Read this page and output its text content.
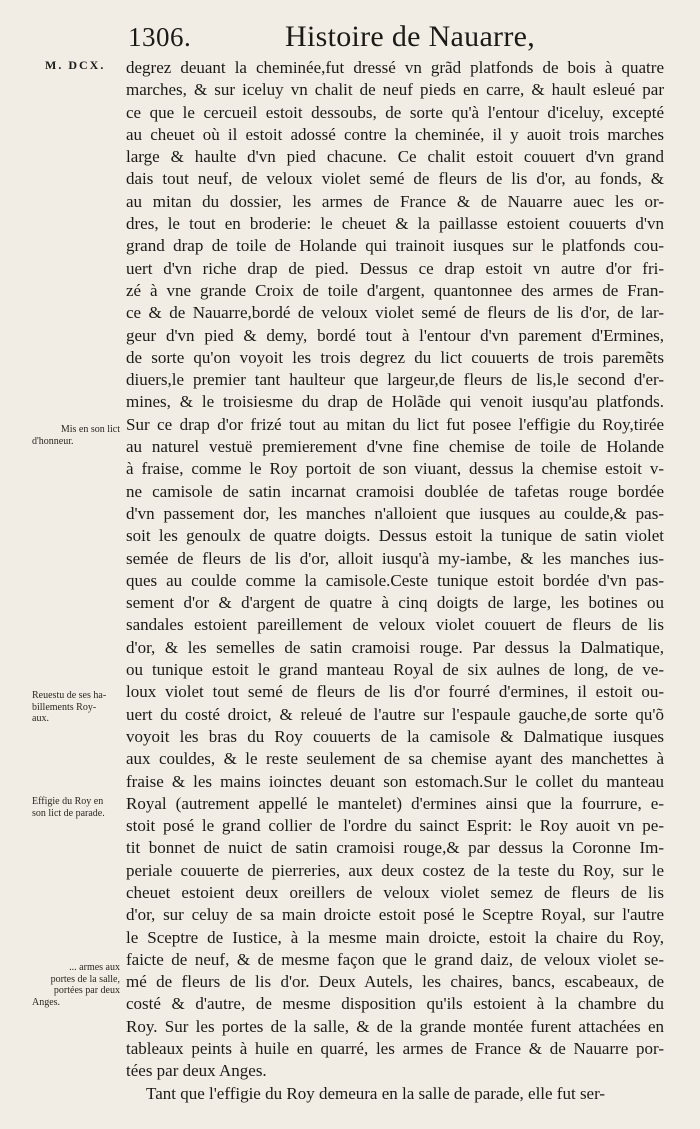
1306.	Histoire de Nauarre,
M. DCX.
Mis en son lict
d'honneur.
Reuestu de ses ha-
billements Roy-
aux.
Effigie du Roy en
son lict de parade.
... armes aux
portes de la salle,
portées par deux
Anges.
degrez deuant la cheminée,fut dressé vn grãd platfonds de bois à quatre
marches, & sur iceluy vn chalit de neuf pieds en carre, & hault esleué par
ce que le cercueil estoit dessoubs, de sorte qu'à l'entour d'iceluy, excepté
au cheuet où il estoit adossé contre la cheminée, il y auoit trois marches
large & haulte d'vn pied chacune. Ce chalit estoit couuert d'vn grand
dais tout neuf, de veloux violet semé de fleurs de lis d'or, au fonds, &
au mitan du dossier, les armes de France & de Nauarre auec les or-
dres, le tout en broderie: le cheuet & la paillasse estoient couuerts d'vn
grand drap de toile de Holande qui trainoit iusques sur le platfonds cou-
uert d'vn riche drap de pied. Dessus ce drap estoit vn autre d'or fri-
zé à vne grande Croix de toile d'argent, quantonnee des armes de Fran-
ce & de Nauarre,bordé de veloux violet semé de fleurs de lis d'or, de lar-
geur d'vn pied & demy, bordé tout à l'entour d'vn parement d'Ermines,
de sorte qu'on voyoit les trois degrez du lict couuerts de trois paremẽts
diuers,le premier tant haulteur que largeur,de fleurs de lis,le second d'er-
mines, & le troisiesme du drap de Holãde qui venoit iusqu'au platfonds.
Sur ce drap d'or frizé tout au mitan du lict fut posee l'effigie du Roy,tirée
au naturel vestuë premierement d'vne fine chemise de toile de Holande
à fraise, comme le Roy portoit de son viuant, dessus la chemise estoit v-
ne camisole de satin incarnat cramoisi doublée de tafetas rouge bordée
d'vn passement dor, les manches n'alloient que iusques au coulde,& pas-
soit les genoulx de quatre doigts. Dessus estoit la tunique de satin violet
semée de fleurs de lis d'or, alloit iusqu'à my-iambe, & les manches ius-
ques au coulde comme la camisole.Ceste tunique estoit bordée d'vn pas-
sement d'or & d'argent de quatre à cinq doigts de large, les botines ou
sandales estoient pareillement de veloux violet couuert de fleurs de lis
d'or, & les semelles de satin cramoisi rouge. Par dessus la Dalmatique,
ou tunique estoit le grand manteau Royal de six aulnes de long, de ve-
loux violet tout semé de fleurs de lis d'or fourré d'ermines, il estoit ou-
uert du costé droict, & releué de l'autre sur l'espaule gauche,de sorte qu'õ
voyoit les bras du Roy couuerts de la camisole & Dalmatique iusques
aux couldes, & le reste seulement de sa chemise ayant des manchettes à
fraise & les mains ioinctes deuant son estomach.Sur le collet du manteau
Royal (autrement appellé le mantelet) d'ermines ainsi que la fourrure, e-
stoit posé le grand collier de l'ordre du sainct Esprit: le Roy auoit vn pe-
tit bonnet de nuict de satin cramoisi rouge,& par dessus la Coronne Im-
periale couuerte de pierreries, aux deux costez de la teste du Roy, sur le
cheuet estoient deux oreillers de veloux violet semez de fleurs de lis
d'or, sur celuy de sa main droicte estoit posé le Sceptre Royal, sur l'autre
le Sceptre de Iustice, à la mesme main droicte, estoit la chaire du Roy,
faicte de neuf, & de mesme façon que le grand daiz, de veloux violet se-
mé de fleurs de lis d'or. Deux Autels, les chaires, bancs, escabeaux, de
costé & d'autre, de mesme disposition qu'ils estoient à la chambre du
Roy. Sur les portes de la salle, & de la grande montée furent attachées en
tableaux peints à huile en quarré, les armes de France & de Nauarre por-
tées par deux Anges.
Tant que l'effigie du Roy demeura en la salle de parade, elle fut ser-
